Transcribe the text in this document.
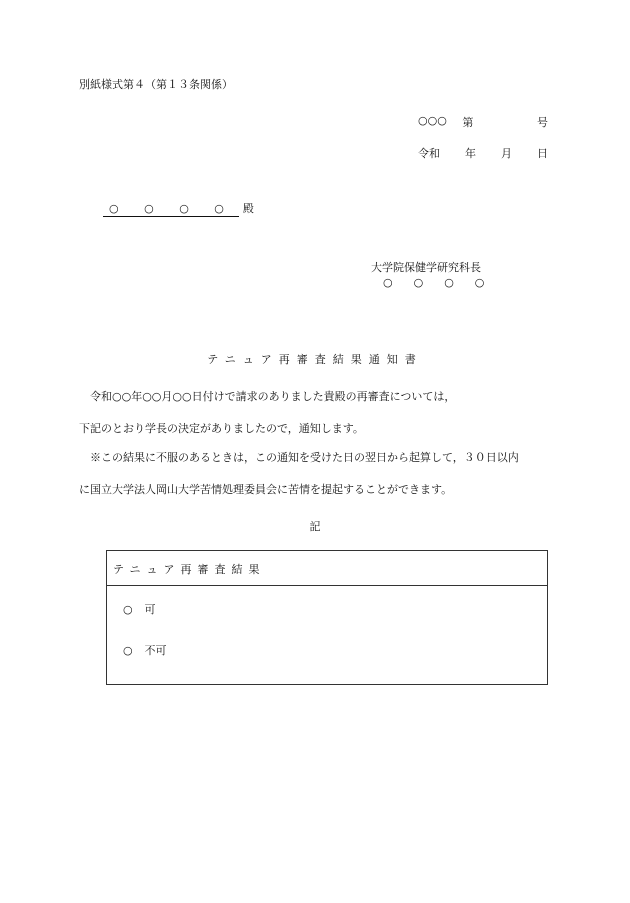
別紙様式第４（第１３条関係）
○○○ 第	号
令和 年 月 日
○ ○ ○ ○ 殿
大学院保健学研究科長
○○○○
テニュア再審査結果通知書
令和○○年○○月○○日付けで請求のありました貴殿の再審査については，
下記のとおり学長の決定がありましたので，通知します。
※この結果に不服のあるときは，この通知を受けた日の翌日から起算して，３０日以内
に国立大学法人岡山大学苦情処理委員会に苦情を提起することができます。
記
テニュア再審査結果
○ 可
○ 不可
